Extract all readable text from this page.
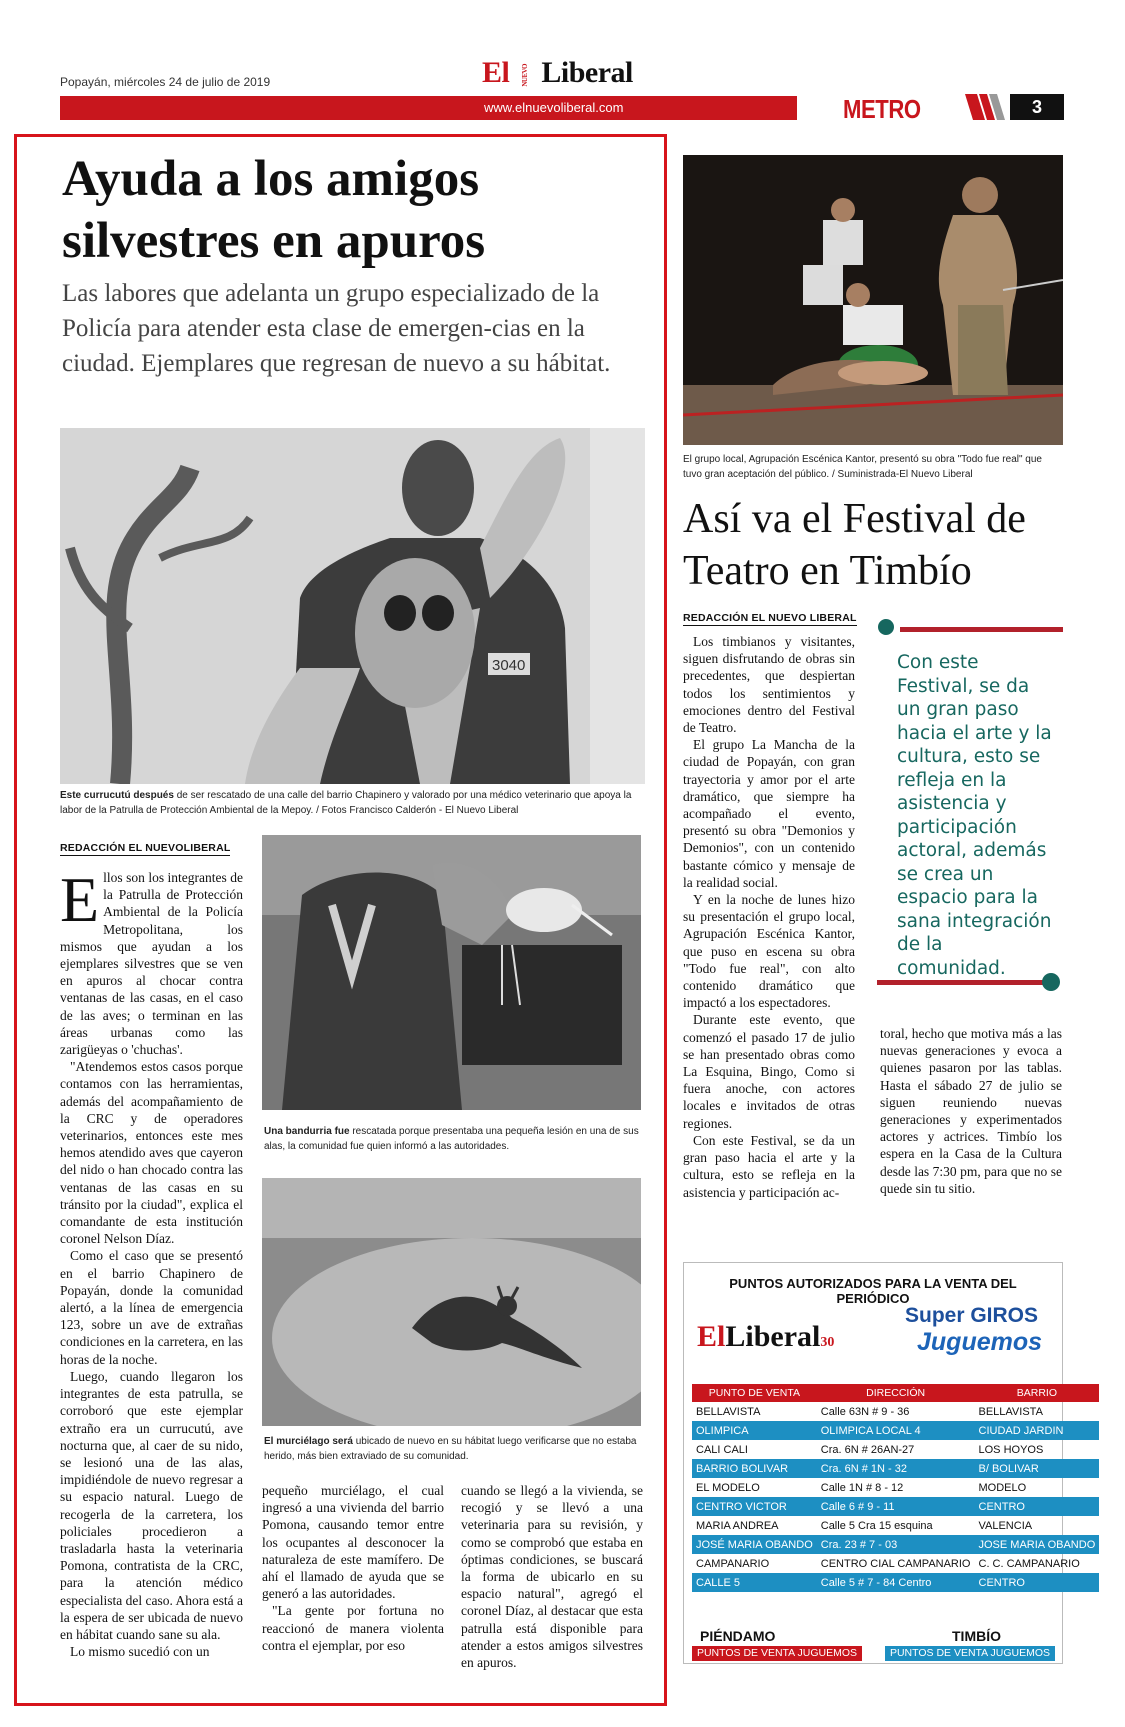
Popayán, miércoles 24 de julio de 2019	El NUEVO Liberal
www.elnuevoliberal.com	METRO	3
Ayuda a los amigos silvestres en apuros
Las labores que adelanta un grupo especializado de la Policía para atender esta clase de emergen-cias en la ciudad. Ejemplares que regresan de nuevo a su hábitat.
3040
Este currucutú después de ser rescatado de una calle del barrio Chapinero y valorado por una médico veterinario que apoya la labor de la Patrulla de Protección Ambiental de la Mepoy. / Fotos Francisco Calderón - El Nuevo Liberal
REDACCIÓN EL NUEVOLIBERAL
E llos son los integrantes de la Patrulla de Protección Ambiental de la Policía Metropolitana, los mismos que ayudan a los ejemplares silvestres que se ven en apuros al chocar contra ventanas de las casas, en el caso de las aves; o terminan en las áreas urbanas como las zarigüeyas o 'chuchas'.

"Atendemos estos casos porque contamos con las herramientas, además del acompañamiento de la CRC y de operadores veterinarios, entonces este mes hemos atendido aves que cayeron del nido o han chocado contra las ventanas de las casas en su tránsito por la ciudad", explica el comandante de esta institución coronel Nelson Díaz.

Como el caso que se presentó en el barrio Chapinero de Popayán, donde la comunidad alertó, a la línea de emergencia 123, sobre un ave de extrañas condiciones en la carretera, en las horas de la noche.

Luego, cuando llegaron los integrantes de esta patrulla, se corroboró que este ejemplar extraño era un currucutú, ave nocturna que, al caer de su nido, se lesionó una de las alas, impidiéndole de nuevo regresar a su espacio natural. Luego de recogerla de la carretera, los policiales procedieron a trasladarla hasta la veterinaria Pomona, contratista de la CRC, para la atención médico especialista del caso. Ahora está a la espera de ser ubicada de nuevo en hábitat cuando sane su ala.

Lo mismo sucedió con un

Una bandurria fue rescatada porque presentaba una pequeña lesión en una de sus alas, la comunidad fue quien informó a las autoridades.
El murciélago será ubicado de nuevo en su hábitat luego verificarse que no estaba herido, más bien extraviado de su comunidad.

pequeño murciélago, el cual ingresó a una vivienda del barrio Pomona, causando temor entre los ocupantes al desconocer la naturaleza de este mamífero. De ahí el llamado de ayuda que se generó a las autoridades.

"La gente por fortuna no reaccionó de manera violenta contra el ejemplar, por eso

cuando se llegó a la vivienda, se recogió y se llevó a una veterinaria para su revisión, y como se comprobó que estaba en óptimas condiciones, se buscará la forma de ubicarlo en su espacio natural", agregó el coronel Díaz, al destacar que esta patrulla está disponible para atender a estos amigos silvestres en apuros.

El grupo local, Agrupación Escénica Kantor, presentó su obra "Todo fue real" que tuvo gran aceptación del público. / Suministrada-El Nuevo Liberal
Así va el Festival de Teatro en Timbío
REDACCIÓN EL NUEVO LIBERAL

Los timbianos y visitantes, siguen disfrutando de obras sin precedentes, que despiertan todos los sentimientos y emociones dentro del Festival de Teatro.

El grupo La Mancha de la ciudad de Popayán, con gran trayectoria y amor por el arte dramático, que siempre ha acompañado el evento, presentó su obra "Demonios y Demonios", con un contenido bastante cómico y mensaje de la realidad social.

Y en la noche de lunes hizo su presentación el grupo local, Agrupación Escénica Kantor, que puso en escena su obra "Todo fue real", con alto contenido dramático que impactó a los espectadores.

Durante este evento, que comenzó el pasado 17 de julio se han presentado obras como La Esquina, Bingo, Como si fuera anoche, con actores locales e invitados de otras regiones.

Con este Festival, se da un gran paso hacia el arte y la cultura, esto se refleja en la asistencia y participación ac-

Con este Festival, se da un gran paso hacia el arte y la cultura, esto se refleja en la asistencia y participación actoral, además se crea un espacio para la sana integración de la comunidad.

toral, hecho que motiva más a las nuevas generaciones y evoca a quienes pasaron por las tablas. Hasta el sábado 27 de julio se siguen reuniendo nuevas generaciones y experimentados actores y actrices. Timbío los espera en la Casa de la Cultura desde las 7:30 pm, para que no se quede sin tu sitio.

PUNTOS AUTORIZADOS PARA LA VENTA DEL PERIÓDICO
ElLiberal30
Super GIROS
Juguemos
PUNTO DE VENTA	DIRECCIÓN	BARRIO
BELLAVISTA	Calle 63N # 9 - 36	BELLAVISTA
OLIMPICA	OLIMPICA LOCAL 4	CIUDAD JARDIN
CALI CALI	Cra. 6N # 26AN-27	LOS HOYOS
BARRIO BOLIVAR	Cra. 6N # 1N - 32	B/ BOLIVAR
EL MODELO	Calle 1N # 8 - 12	MODELO
CENTRO VICTOR	Calle 6 # 9 - 11	CENTRO
MARIA ANDREA	Calle 5 Cra 15 esquina	VALENCIA
JOSÉ MARIA OBANDO	Cra. 23 # 7 - 03	JOSE MARIA OBANDO
CAMPANARIO	CENTRO CIAL CAMPANARIO	C. C. CAMPANARIO
CALLE 5	Calle 5 # 7 - 84 Centro	CENTRO
PIÉNDAMO
PUNTOS DE VENTA JUGUEMOS
TIMBÍO
PUNTOS DE VENTA JUGUEMOS
